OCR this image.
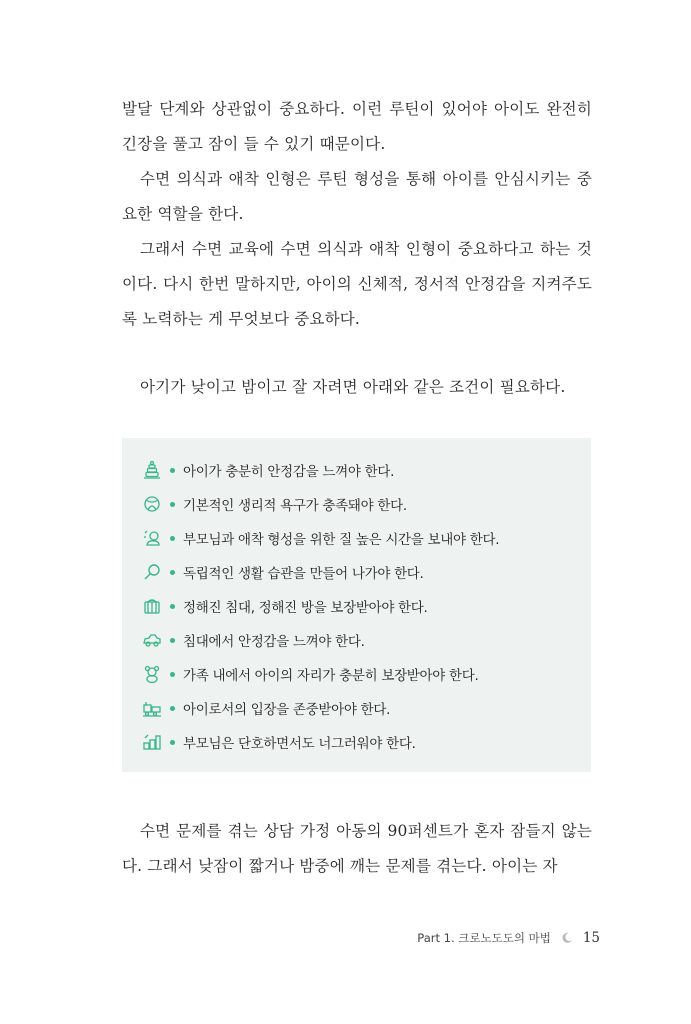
발달 단계와 상관없이 중요하다. 이런 루틴이 있어야 아이도 완전히 긴장을 풀고 잠이 들 수 있기 때문이다.

수면 의식과 애착 인형은 루틴 형성을 통해 아이를 안심시키는 중요한 역할을 한다.

그래서 수면 교육에 수면 의식과 애착 인형이 중요하다고 하는 것이다. 다시 한번 말하지만, 아이의 신체적, 정서적 안정감을 지켜주도록 노력하는 게 무엇보다 중요하다.

아기가 낮이고 밤이고 잘 자려면 아래와 같은 조건이 필요하다.

아이가 충분히 안정감을 느껴야 한다.
기본적인 생리적 욕구가 충족돼야 한다.
부모님과 애착 형성을 위한 질 높은 시간을 보내야 한다.
독립적인 생활 습관을 만들어 나가야 한다.
정해진 침대, 정해진 방을 보장받아야 한다.
침대에서 안정감을 느껴야 한다.
가족 내에서 아이의 자리가 충분히 보장받아야 한다.
아이로서의 입장을 존중받아야 한다.
부모님은 단호하면서도 너그러워야 한다.

수면 문제를 겪는 상담 가정 아동의 90퍼센트가 혼자 잠들지 않는다. 그래서 낮잠이 짧거나 밤중에 깨는 문제를 겪는다. 아이는 자

Part 1. 크로노도도의 마법 15
